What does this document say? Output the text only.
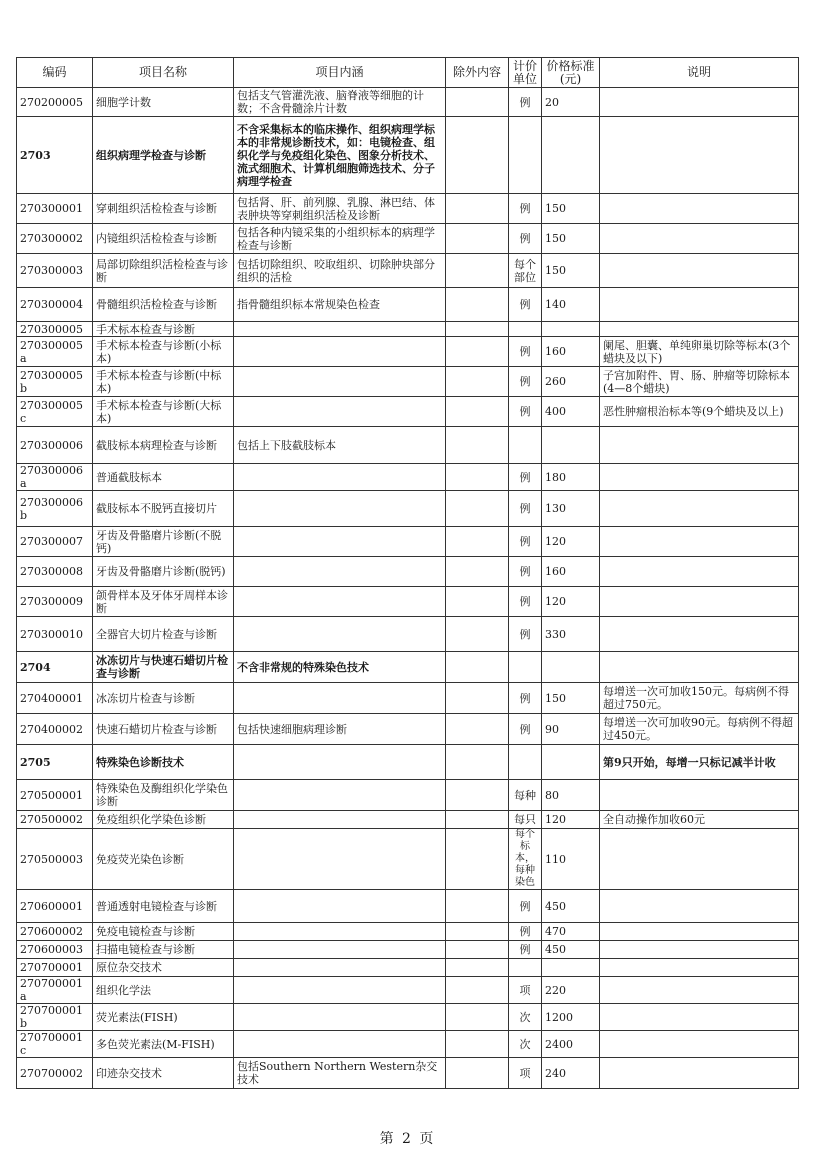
编码	项目名称	项目内涵	除外内容	计价单位	价格标准(元)	说明
270200005	细胞学计数	包括支气管灌洗液、脑脊液等细胞的计数；不含骨髓涂片计数		例	20	
2703	组织病理学检查与诊断	不含采集标本的临床操作、组织病理学标本的非常规诊断技术，如：电镜检查、组织化学与免疫组化染色、图象分析技术、流式细胞术、计算机细胞筛选技术、分子病理学检查				
270300001	穿刺组织活检检查与诊断	包括肾、肝、前列腺、乳腺、淋巴结、体表肿块等穿刺组织活检及诊断		例	150	
270300002	内镜组织活检检查与诊断	包括各种内镜采集的小组织标本的病理学检查与诊断		例	150	
270300003	局部切除组织活检检查与诊断	包括切除组织、咬取组织、切除肿块部分组织的活检		每个部位	150	
270300004	骨髓组织活检检查与诊断	指骨髓组织标本常规染色检查		例	140	
270300005	手术标本检查与诊断					
270300005a	手术标本检查与诊断(小标本)			例	160	阑尾、胆囊、单纯卵巢切除等标本(3个蜡块及以下)
270300005b	手术标本检查与诊断(中标本)			例	260	子宫加附件、胃、肠、肿瘤等切除标本(4—8个蜡块)
270300005c	手术标本检查与诊断(大标本)			例	400	恶性肿瘤根治标本等(9个蜡块及以上)
270300006	截肢标本病理检查与诊断	包括上下肢截肢标本				
270300006a	普通截肢标本			例	180	
270300006b	截肢标本不脱钙直接切片			例	130	
270300007	牙齿及骨骼磨片诊断(不脱钙)			例	120	
270300008	牙齿及骨骼磨片诊断(脱钙)			例	160	
270300009	颌骨样本及牙体牙周样本诊断			例	120	
270300010	全器官大切片检查与诊断			例	330	
2704	冰冻切片与快速石蜡切片检查与诊断	不含非常规的特殊染色技术				
270400001	冰冻切片检查与诊断			例	150	每增送一次可加收150元。每病例不得超过750元。
270400002	快速石蜡切片检查与诊断	包括快速细胞病理诊断		例	90	每增送一次可加收90元。每病例不得超过450元。
2705	特殊染色诊断技术					第9只开始，每增一只标记减半计收
270500001	特殊染色及酶组织化学染色诊断			每种	80	
270500002	免疫组织化学染色诊断			每只	120	全自动操作加收60元
270500003	免疫荧光染色诊断			每个标本，每种染色	110	
270600001	普通透射电镜检查与诊断			例	450	
270600002	免疫电镜检查与诊断			例	470	
270600003	扫描电镜检查与诊断			例	450	
270700001	原位杂交技术					
270700001a	组织化学法			项	220	
270700001b	荧光素法(FISH)			次	1200	
270700001c	多色荧光素法(M-FISH)			次	2400	
270700002	印迹杂交技术	包括Southern Northern Western杂交技术		项	240	
第 2 页
